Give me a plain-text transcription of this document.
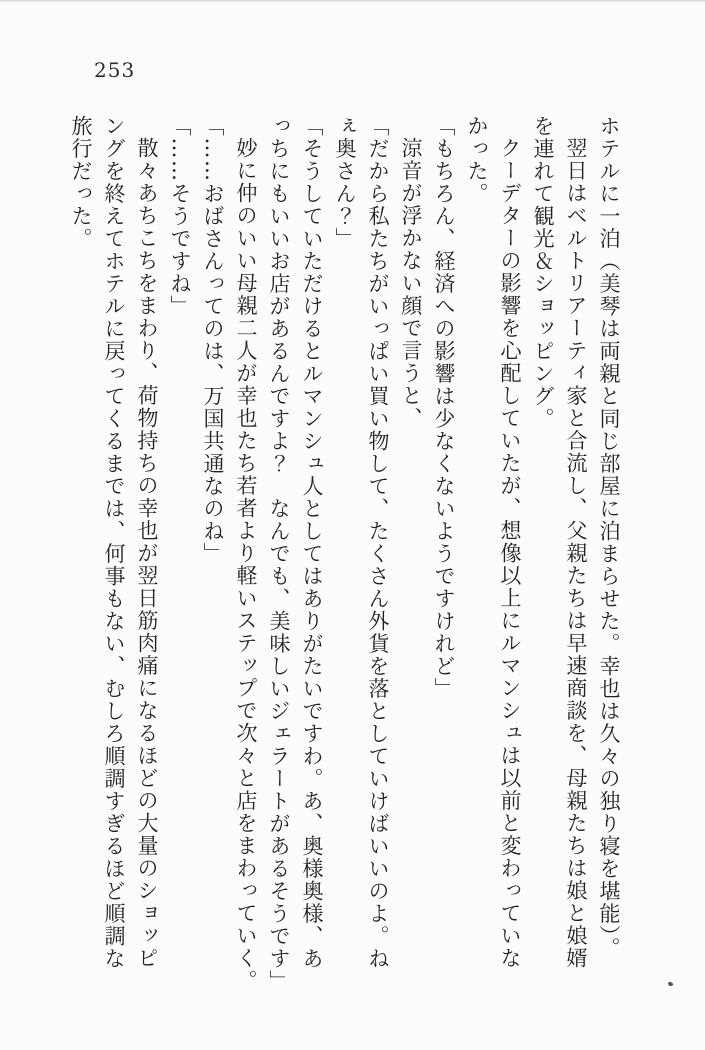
253

ホテルに一泊（美琴は両親と同じ部屋に泊まらせた。幸也は久々の独り寝を堪能）。

翌日はベルトリアーティ家と合流し、父親たちは早速商談を、母親たちは娘と娘婿

を連れて観光＆ショッピング。

クーデターの影響を心配していたが、想像以上にルマンシュは以前と変わっていな

かった。

「もちろん、経済への影響は少なくないようですけれど」

涼音が浮かない顔で言うと、

「だから私たちがいっぱい買い物して、たくさん外貨を落としていけばいいのよ。ね

ぇ奥さん？」

「そうしていただけるとルマンシュ人としてはありがたいですわ。あ、奥様奥様、あ

っちにもいいお店があるんですよ？　なんでも、美味しいジェラートがあるそうです」

妙に仲のいい母親二人が幸也たち若者より軽いステップで次々と店をまわっていく。

「……おばさんってのは、万国共通なのね」

「……そうですね」

散々あちこちをまわり、荷物持ちの幸也が翌日筋肉痛になるほどの大量のショッピ

ングを終えてホテルに戻ってくるまでは、何事もない、むしろ順調すぎるほど順調な

旅行だった。
